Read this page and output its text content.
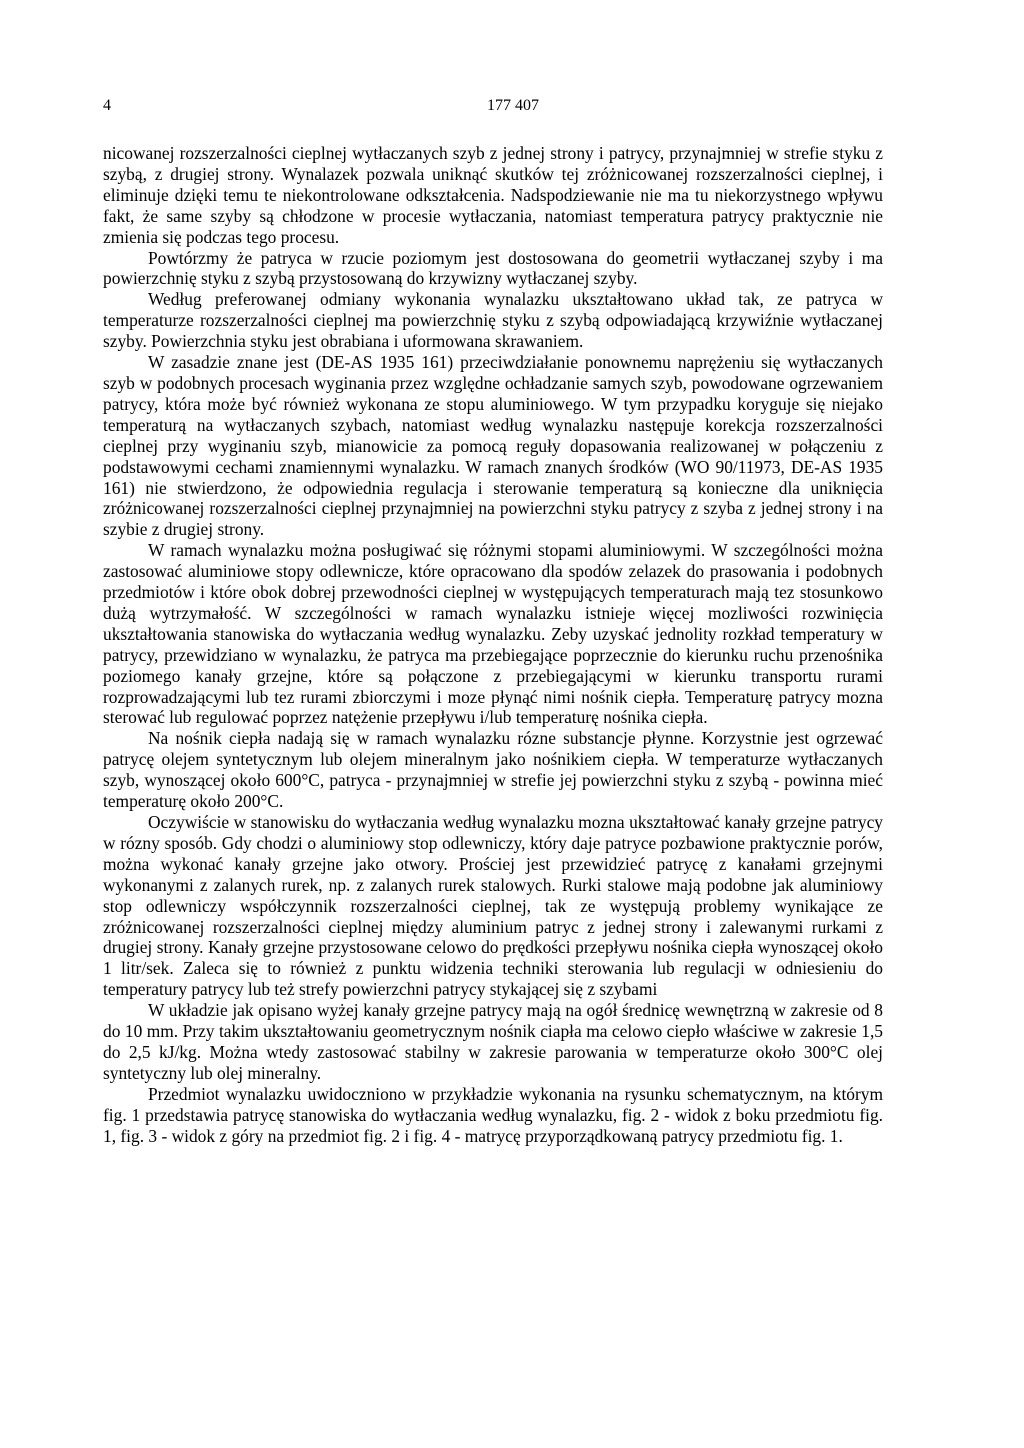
4	177 407

nicowanej rozszerzalności cieplnej wytłaczanych szyb z jednej strony i patrycy, przynajmniej w strefie styku z szybą, z drugiej strony. Wynalazek pozwala uniknąć skutków tej zróżnicowanej rozszerzalności cieplnej, i eliminuje dzięki temu te niekontrolowane odkształcenia. Nadspodziewanie nie ma tu niekorzystnego wpływu fakt, że same szyby są chłodzone w procesie wytłaczania, natomiast temperatura patrycy praktycznie nie zmienia się podczas tego procesu.

Powtórzmy że patryca w rzucie poziomym jest dostosowana do geometrii wytłaczanej szyby i ma powierzchnię styku z szybą przystosowaną do krzywizny wytłaczanej szyby.

Według preferowanej odmiany wykonania wynalazku ukształtowano układ tak, ze patryca w temperaturze rozszerzalności cieplnej ma powierzchnię styku z szybą odpowiadającą krzywiźnie wytłaczanej szyby. Powierzchnia styku jest obrabiana i uformowana skrawaniem.

W zasadzie znane jest (DE-AS 1935 161) przeciwdziałanie ponownemu naprężeniu się wytłaczanych szyb w podobnych procesach wyginania przez względne ochładzanie samych szyb, powodowane ogrzewaniem patrycy, która może być również wykonana ze stopu aluminiowego. W tym przypadku koryguje się niejako temperaturą na wytłaczanych szybach, natomiast według wynalazku następuje korekcja rozszerzalności cieplnej przy wyginaniu szyb, mianowicie za pomocą reguły dopasowania realizowanej w połączeniu z podstawowymi cechami znamiennymi wynalazku. W ramach znanych środków (WO 90/11973, DE-AS 1935 161) nie stwierdzono, że odpowiednia regulacja i sterowanie temperaturą są konieczne dla uniknięcia zróżnicowanej rozszerzalności cieplnej przynajmniej na powierzchni styku patrycy z szyba z jednej strony i na szybie z drugiej strony.

W ramach wynalazku można posługiwać się różnymi stopami aluminiowymi. W szczególności można zastosować aluminiowe stopy odlewnicze, które opracowano dla spodów zelazek do prasowania i podobnych przedmiotów i które obok dobrej przewodności cieplnej w występujących temperaturach mają tez stosunkowo dużą wytrzymałość. W szczególności w ramach wynalazku istnieje więcej mozliwości rozwinięcia ukształtowania stanowiska do wytłaczania według wynalazku. Zeby uzyskać jednolity rozkład temperatury w patrycy, przewidziano w wynalazku, że patryca ma przebiegające poprzecznie do kierunku ruchu przenośnika poziomego kanały grzejne, które są połączone z przebiegającymi w kierunku transportu rurami rozprowadzającymi lub tez rurami zbiorczymi i moze płynąć nimi nośnik ciepła. Temperaturę patrycy mozna sterować lub regulować poprzez natężenie przepływu i/lub temperaturę nośnika ciepła.

Na nośnik ciepła nadają się w ramach wynalazku rózne substancje płynne. Korzystnie jest ogrzewać patrycę olejem syntetycznym lub olejem mineralnym jako nośnikiem ciepła. W temperaturze wytłaczanych szyb, wynoszącej około 600°C, patryca - przynajmniej w strefie jej powierzchni styku z szybą - powinna mieć temperaturę około 200°C.

Oczywiście w stanowisku do wytłaczania według wynalazku mozna ukształtować kanały grzejne patrycy w rózny sposób. Gdy chodzi o aluminiowy stop odlewniczy, który daje patryce pozbawione praktycznie porów, można wykonać kanały grzejne jako otwory. Prościej jest przewidzieć patrycę z kanałami grzejnymi wykonanymi z zalanych rurek, np. z zalanych rurek stalowych. Rurki stalowe mają podobne jak aluminiowy stop odlewniczy współczynnik rozszerzalności cieplnej, tak ze występują problemy wynikające ze zróżnicowanej rozszerzalności cieplnej między aluminium patryc z jednej strony i zalewanymi rurkami z drugiej strony. Kanały grzejne przystosowane celowo do prędkości przepływu nośnika ciepła wynoszącej około 1 litr/sek. Zaleca się to również z punktu widzenia techniki sterowania lub regulacji w odniesieniu do temperatury patrycy lub też strefy powierzchni patrycy stykającej się z szybami

W układzie jak opisano wyżej kanały grzejne patrycy mają na ogół średnicę wewnętrzną w zakresie od 8 do 10 mm. Przy takim ukształtowaniu geometrycznym nośnik ciapła ma celowo ciepło właściwe w zakresie 1,5 do 2,5 kJ/kg. Można wtedy zastosować stabilny w zakresie parowania w temperaturze około 300°C olej syntetyczny lub olej mineralny.

Przedmiot wynalazku uwidoczniono w przykładzie wykonania na rysunku schematycznym, na którym fig. 1 przedstawia patrycę stanowiska do wytłaczania według wynalazku, fig. 2 - widok z boku przedmiotu fig. 1, fig. 3 - widok z góry na przedmiot fig. 2 i fig. 4 - matrycę przyporządkowaną patrycy przedmiotu fig. 1.
